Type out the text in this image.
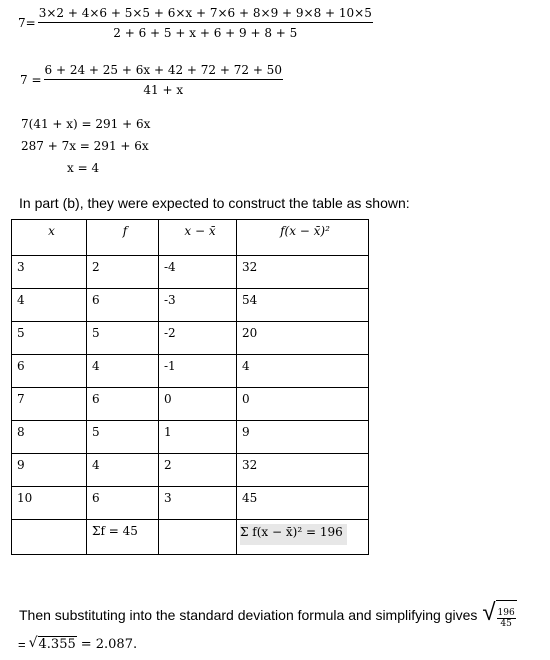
$7= \frac{3\times 2 + 4\times 6 + 5\times 5 + 6\times x + 7\times 6 + 8\times 9 + 9\times 8 + 10\times 5}{2 + 6 + 5 + x + 6 + 9 + 8 + 5}$
$7 = \frac{6 + 24 + 25 + 6x + 42 + 72 + 72 + 50}{41 + x}$
7(41 + x) = 291 + 6x
287 + 7x = 291 + 6x
x = 4
In part (b), they were expected to construct the table as shown:
x	f	x − x̄	f(x − x̄)²
3	2	-4	32
4	6	-3	54
5	5	-2	20
6	4	-1	4
7	6	0	0
8	5	1	9
9	4	2	32
10	6	3	45
	Σf = 45		Σ f(x − x̄)² = 196
Then substituting into the standard deviation formula and simplifying gives √ $\frac{196}{45}$
= √ 4.355 = 2.087.
